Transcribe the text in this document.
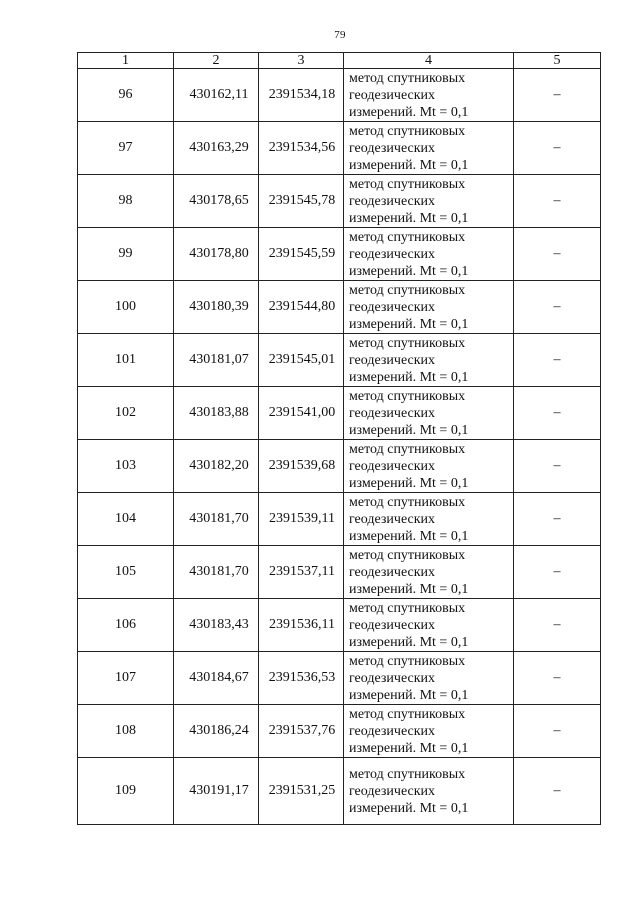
79
1	2	3	4	5
96	430162,11	2391534,18	метод спутниковых
геодезических
измерений. Mt = 0,1	–
97	430163,29	2391534,56	метод спутниковых
геодезических
измерений. Mt = 0,1	–
98	430178,65	2391545,78	метод спутниковых
геодезических
измерений. Mt = 0,1	–
99	430178,80	2391545,59	метод спутниковых
геодезических
измерений. Mt = 0,1	–
100	430180,39	2391544,80	метод спутниковых
геодезических
измерений. Mt = 0,1	–
101	430181,07	2391545,01	метод спутниковых
геодезических
измерений. Mt = 0,1	–
102	430183,88	2391541,00	метод спутниковых
геодезических
измерений. Mt = 0,1	–
103	430182,20	2391539,68	метод спутниковых
геодезических
измерений. Mt = 0,1	–
104	430181,70	2391539,11	метод спутниковых
геодезических
измерений. Mt = 0,1	–
105	430181,70	2391537,11	метод спутниковых
геодезических
измерений. Mt = 0,1	–
106	430183,43	2391536,11	метод спутниковых
геодезических
измерений. Mt = 0,1	–
107	430184,67	2391536,53	метод спутниковых
геодезических
измерений. Mt = 0,1	–
108	430186,24	2391537,76	метод спутниковых
геодезических
измерений. Mt = 0,1	–
109	430191,17	2391531,25	метод спутниковых
геодезических
измерений. Mt = 0,1	–
